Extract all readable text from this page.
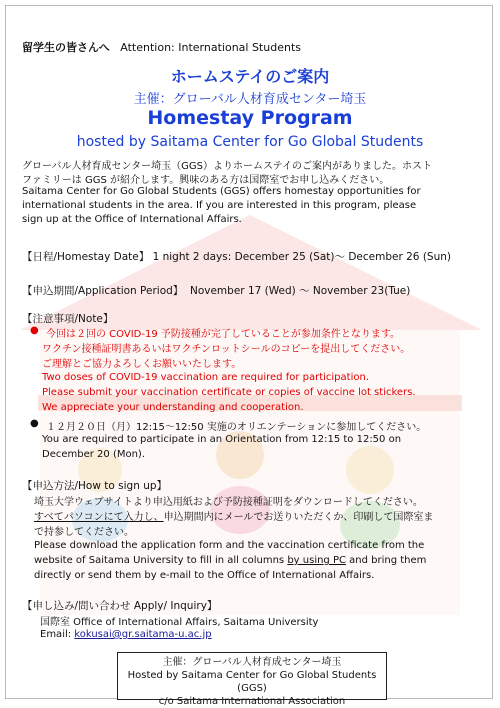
留学生の皆さんへ Attention: International Students
ホームステイのご案内
主催：グローバル人材育成センター埼玉
Homestay Program
hosted by Saitama Center for Go Global Students
グローバル人材育成センター埼玉（GGS）よりホームステイのご案内がありました。ホスト
ファミリーは GGS が紹介します。興味のある方は国際室でお申し込みください。
Saitama Center for Go Global Students (GGS) offers homestay opportunities for
international students in the area. If you are interested in this program, please
sign up at the Office of International Affairs.
【日程/Homestay Date】 1 night 2 days: December 25 (Sat)～ December 26 (Sun)
【申込期間/Application Period】 November 17 (Wed) ～ November 23(Tue)
【注意事項/Note】
● 今回は２回の COVID-19 予防接種が完了していることが参加条件となります。
ワクチン接種証明書あるいはワクチンロットシールのコピーを提出してください。
ご理解とご協力よろしくお願いいたします。
Two doses of COVID-19 vaccination are required for participation.
Please submit your vaccination certificate or copies of vaccine lot stickers.
We appreciate your understanding and cooperation.
● １２月２０日（月）12:15～12:50 実施のオリエンテーションに参加してください。
You are required to participate in an Orientation from 12:15 to 12:50 on
December 20 (Mon).
【申込方法/How to sign up】
埼玉大学ウェブサイトより申込用紙および予防接種証明をダウンロードしてください。
すべてパソコンにて入力し、申込期間内にメールでお送りいただくか、印刷して国際室ま
で持参してください。
Please download the application form and the vaccination certificate from the
website of Saitama University to fill in all columns by using PC and bring them
directly or send them by e-mail to the Office of International Affairs.
【申し込み/問い合わせ Apply/ Inquiry】
国際室 Office of International Affairs, Saitama University
Email: kokusai@gr.saitama-u.ac.jp
主催：グローバル人材育成センター埼玉
Hosted by Saitama Center for Go Global Students　(GGS)
c/o Saitama International Association
